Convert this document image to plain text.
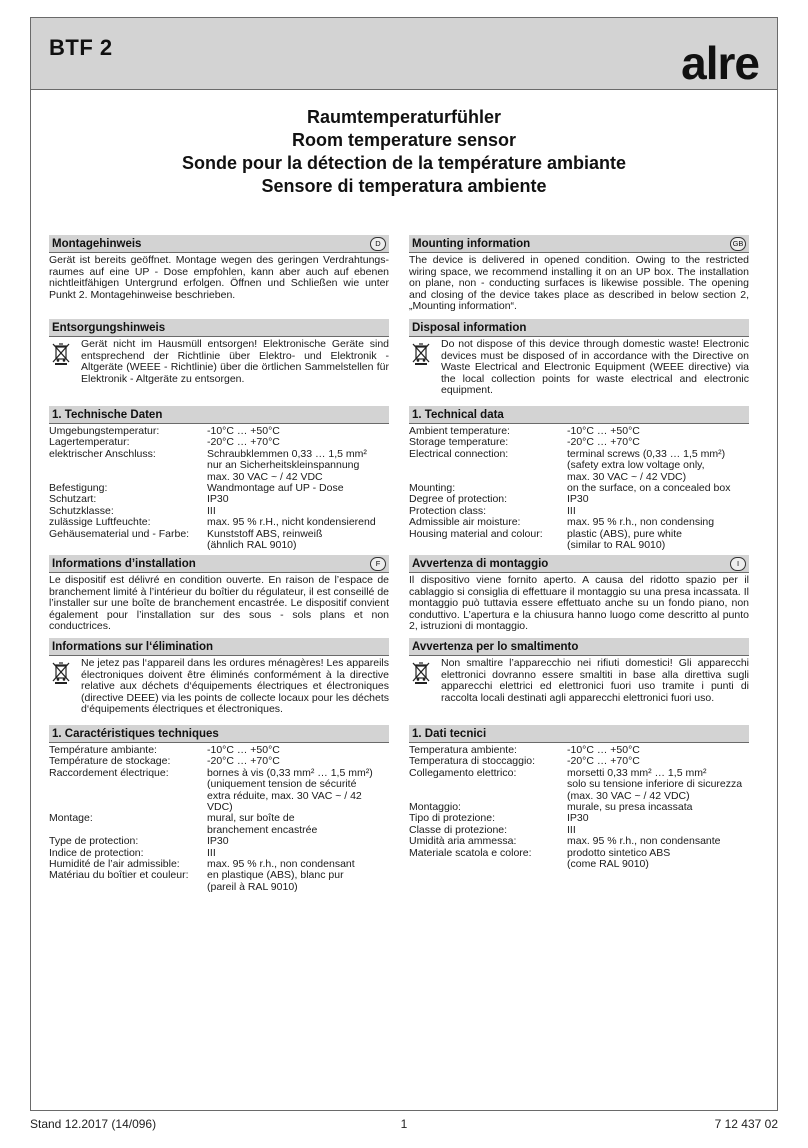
BTF 2	alre
Raumtemperaturfühler
Room temperature sensor
Sonde pour la détection de la température ambiante
Sensore di temperatura ambiente
Montagehinweis	D
Gerät ist bereits geöffnet. Montage wegen des geringen Verdrahtungsraumes auf eine UP - Dose empfohlen, kann aber auch auf ebenen nichtleitfähigen Untergrund erfolgen. Öffnen und Schließen wie unter Punkt 2. Montagehinweise beschrieben.
Entsorgungshinweis
Gerät nicht im Hausmüll entsorgen! Elektronische Geräte sind entsprechend der Richtlinie über Elektro- und Elektronik - Altgeräte (WEEE - Richtlinie) über die örtlichen Sammelstellen für Elektronik - Altgeräte zu entsorgen.
1. Technische Daten
Umgebungstemperatur:	-10°C … +50°C
Lagertemperatur:	-20°C … +70°C
elektrischer Anschluss:	Schraubklemmen 0,33 … 1,5 mm²
nur an Sicherheitskleinspannung
max. 30 VAC ~ / 42 VDC
Befestigung:	Wandmontage auf UP - Dose
Schutzart:	IP30
Schutzklasse:	III
zulässige Luftfeuchte:	max. 95 % r.H., nicht kondensierend
Gehäusematerial und - Farbe:	Kunststoff ABS, reinweiß
(ähnlich RAL 9010)
Informations d’installation	F
Le dispositif est délivré en condition ouverte. En raison de l’espace de branchement limité à l’intérieur du boîtier du régulateur, il est conseillé de l’installer sur une boîte de branchement encastrée. Le dispositif convient également pour l’installation sur des sous - sols plans et non conductrices.
Informations sur l‘élimination
Ne jetez pas l‘appareil dans les ordures ménagères! Les appareils électroniques doivent être éliminés conformément à la directive relative aux déchets d‘équipements électriques et électroniques (directive DEEE) via les points de collecte locaux pour les déchets d‘équipements électriques et électroniques.
1. Caractéristiques techniques
Température ambiante:	-10°C … +50°C
Température de stockage:	-20°C … +70°C
Raccordement électrique:	bornes à vis (0,33 mm² … 1,5 mm²)
(uniquement tension de sécurité
extra réduite, max. 30 VAC ~ / 42 VDC)
Montage:	mural, sur boîte de
branchement encastrée
Type de protection:	IP30
Indice de protection:	III
Humidité de l’air admissible:	max. 95 % r.h., non condensant
Matériau du boîtier et couleur:	en plastique (ABS), blanc pur
(pareil à RAL 9010)
Mounting information	GB
The device is delivered in opened condition. Owing to the restricted wiring space, we recommend installing it on an UP box. The installation on plane, non - conducting surfaces is likewise possible. The opening and closing of the device takes place as described in below section 2, „Mounting information“.
Disposal information
Do not dispose of this device through domestic waste! Electronic devices must be disposed of in accordance with the Directive on Waste Electrical and Electronic Equipment (WEEE directive) via the local collection points for waste electrical and electronic equipment.
1. Technical data
Ambient temperature:	-10°C … +50°C
Storage temperature:	-20°C … +70°C
Electrical connection:	terminal screws (0,33 … 1,5 mm²)
(safety extra low voltage only,
max. 30 VAC ~ / 42 VDC)
Mounting:	on the surface, on a concealed box
Degree of protection:	IP30
Protection class:	III
Admissible air moisture:	max. 95 % r.h., non condensing
Housing material and colour:	plastic (ABS), pure white
(similar to RAL 9010)
Avvertenza di montaggio	I
Il dispositivo viene fornito aperto. A causa del ridotto spazio per il cablaggio si consiglia di effettuare il montaggio su una presa incassata. Il montaggio può tuttavia essere effettuato anche su un fondo piano, non conduttivo. L’apertura e la chiusura hanno luogo come descritto al punto 2, istruzioni di montaggio.
Avvertenza per lo smaltimento
Non smaltire l’apparecchio nei rifiuti domestici! Gli apparecchi elettronici dovranno essere smaltiti in base alla direttiva sugli apparecchi elettrici ed elettronici fuori uso tramite i punti di raccolta locali destinati agli apparecchi elettronici fuori uso.
1. Dati tecnici
Temperatura ambiente:	-10°C … +50°C
Temperatura di stoccaggio:	-20°C … +70°C
Collegamento elettrico:	morsetti 0,33 mm² … 1,5 mm²
solo su tensione inferiore di sicurezza
(max. 30 VAC ~ / 42 VDC)
Montaggio:	murale, su presa incassata
Tipo di protezione:	IP30
Classe di protezione:	III
Umidità aria ammessa:	max. 95 % r.h., non condensante
Materiale scatola e colore:	prodotto sintetico ABS
(come RAL 9010)
Stand 12.2017 (14/096)	1	7 12 437 02
